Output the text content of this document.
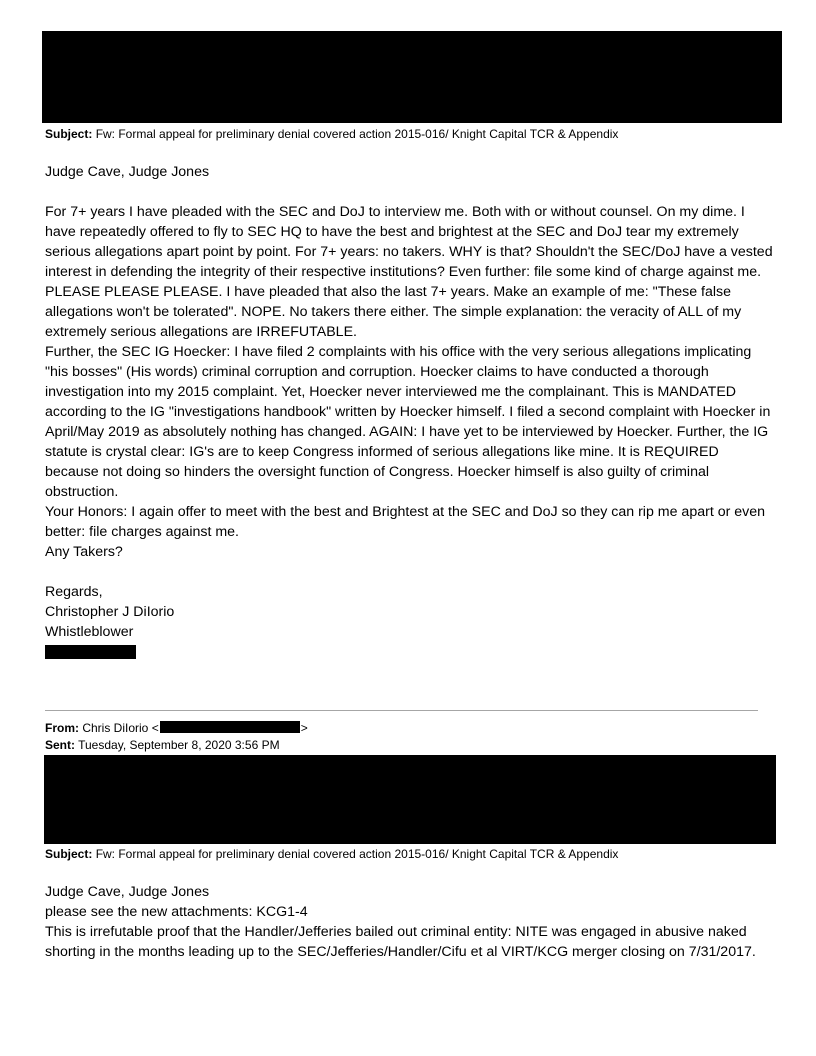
Subject: Fw: Formal appeal for preliminary denial covered action 2015-016/ Knight Capital TCR & Appendix

Judge Cave, Judge Jones

For 7+ years I have pleaded with the SEC and DoJ to interview me. Both with or without counsel. On my dime. I have repeatedly offered to fly to SEC HQ to have the best and brightest at the SEC and DoJ tear my extremely serious allegations apart point by point. For 7+ years: no takers. WHY is that? Shouldn't the SEC/DoJ have a vested interest in defending the integrity of their respective institutions? Even further: file some kind of charge against me. PLEASE PLEASE PLEASE. I have pleaded that also the last 7+ years. Make an example of me: "These false allegations won't be tolerated". NOPE. No takers there either. The simple explanation: the veracity of ALL of my extremely serious allegations are IRREFUTABLE.

Further, the SEC IG Hoecker: I have filed 2 complaints with his office with the very serious allegations implicating "his bosses" (His words) criminal corruption and corruption. Hoecker claims to have conducted a thorough investigation into my 2015 complaint. Yet, Hoecker never interviewed me the complainant. This is MANDATED according to the IG "investigations handbook" written by Hoecker himself. I filed a second complaint with Hoecker in April/May 2019 as absolutely nothing has changed. AGAIN: I have yet to be interviewed by Hoecker. Further, the IG statute is crystal clear: IG's are to keep Congress informed of serious allegations like mine. It is REQUIRED because not doing so hinders the oversight function of Congress. Hoecker himself is also guilty of criminal obstruction.

Your Honors: I again offer to meet with the best and Brightest at the SEC and DoJ so they can rip me apart or even better: file charges against me.

Any Takers?

Regards,

Christopher J DiIorio

Whistleblower

From: Chris DiIorio <	>
Sent: Tuesday, September 8, 2020 3:56 PM
Subject: Fw: Formal appeal for preliminary denial covered action 2015-016/ Knight Capital TCR & Appendix

Judge Cave, Judge Jones

please see the new attachments: KCG1-4

This is irrefutable proof that the Handler/Jefferies bailed out criminal entity: NITE was engaged in abusive naked shorting in the months leading up to the SEC/Jefferies/Handler/Cifu et al VIRT/KCG merger closing on 7/31/2017.
